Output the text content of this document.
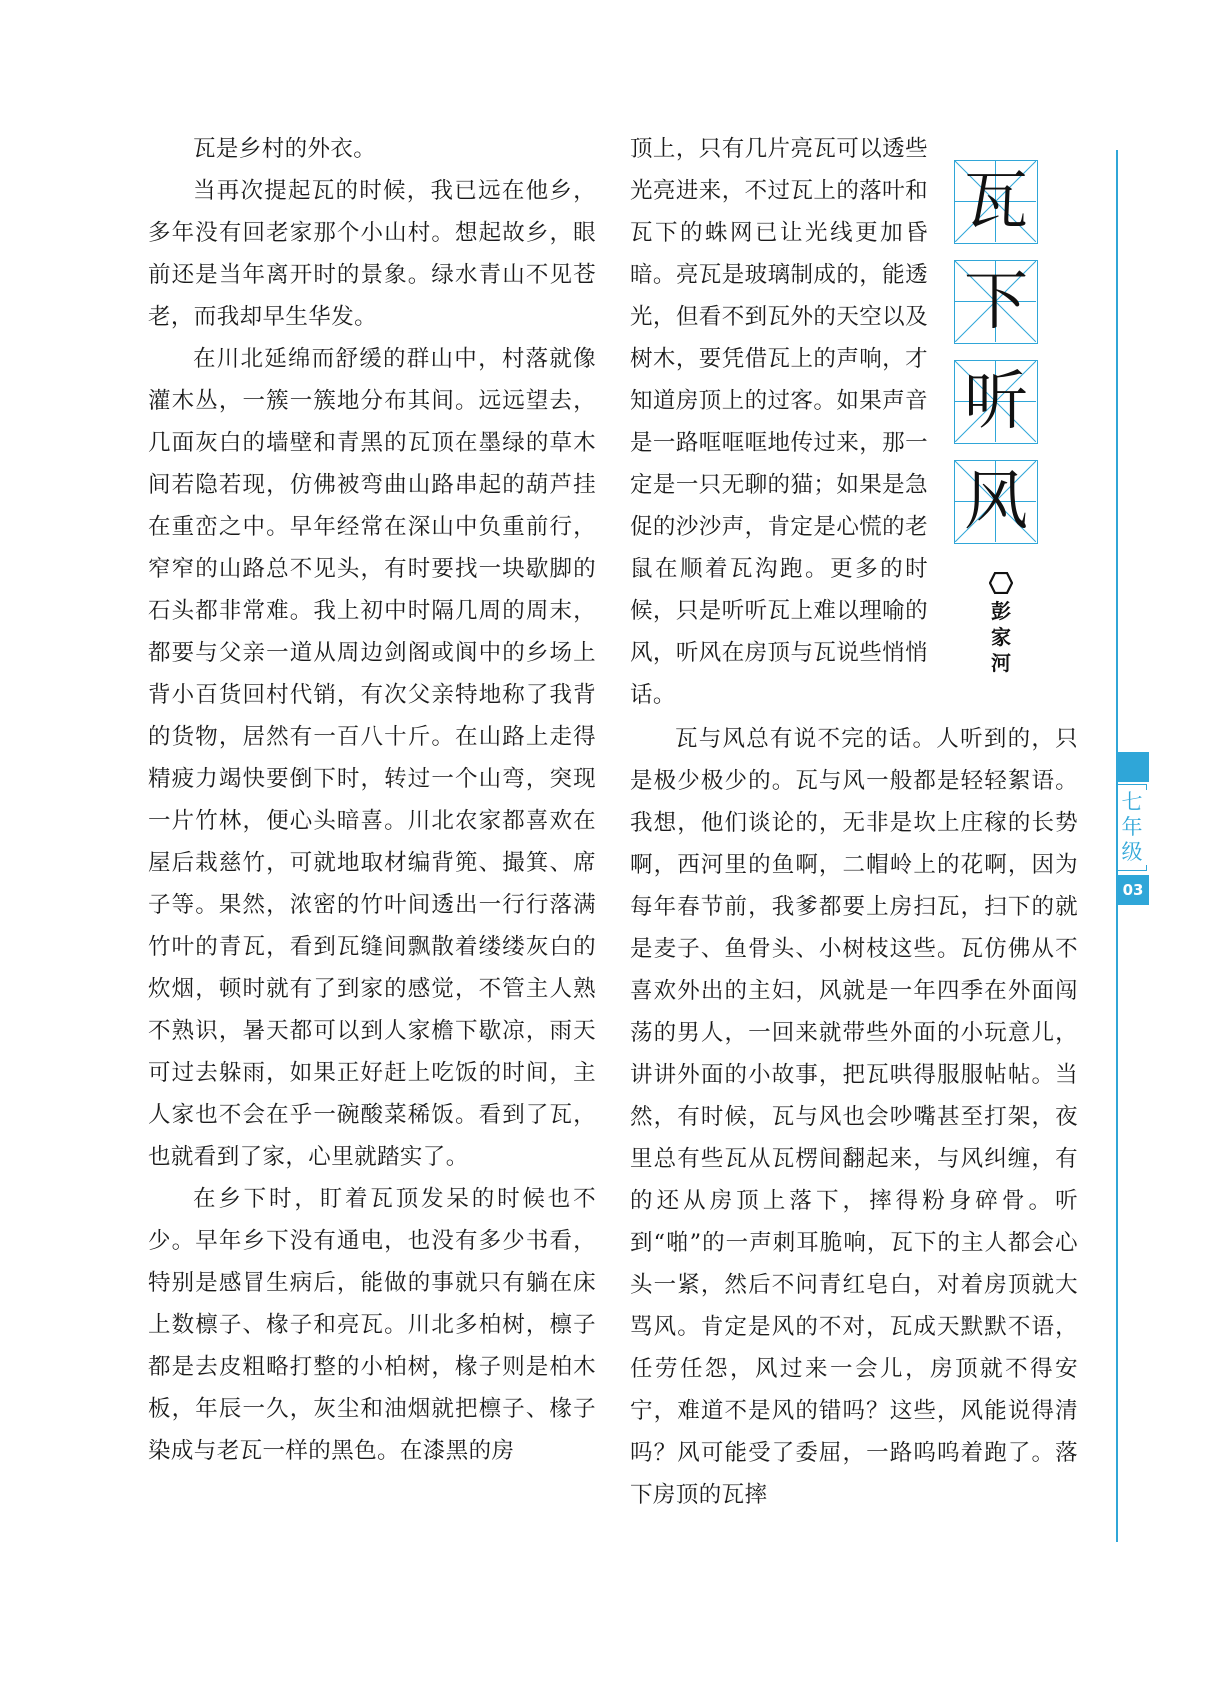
瓦是乡村的外衣。

当再次提起瓦的时候，我已远在他乡，多年没有回老家那个小山村。想起故乡，眼前还是当年离开时的景象。绿水青山不见苍老，而我却早生华发。

在川北延绵而舒缓的群山中，村落就像灌木丛，一簇一簇地分布其间。远远望去，几面灰白的墙壁和青黑的瓦顶在墨绿的草木间若隐若现，仿佛被弯曲山路串起的葫芦挂在重峦之中。早年经常在深山中负重前行，窄窄的山路总不见头，有时要找一块歇脚的石头都非常难。我上初中时隔几周的周末，都要与父亲一道从周边剑阁或阆中的乡场上背小百货回村代销，有次父亲特地称了我背的货物，居然有一百八十斤。在山路上走得精疲力竭快要倒下时，转过一个山弯，突现一片竹林，便心头暗喜。川北农家都喜欢在屋后栽慈竹，可就地取材编背篼、撮箕、席子等。果然，浓密的竹叶间透出一行行落满竹叶的青瓦，看到瓦缝间飘散着缕缕灰白的炊烟，顿时就有了到家的感觉，不管主人熟不熟识，暑天都可以到人家檐下歇凉，雨天可过去躲雨，如果正好赶上吃饭的时间，主人家也不会在乎一碗酸菜稀饭。看到了瓦，也就看到了家，心里就踏实了。

在乡下时，盯着瓦顶发呆的时候也不少。早年乡下没有通电，也没有多少书看，特别是感冒生病后，能做的事就只有躺在床上数檩子、椽子和亮瓦。川北多柏树，檩子都是去皮粗略打整的小柏树，椽子则是柏木板，年辰一久，灰尘和油烟就把檩子、椽子染成与老瓦一样的黑色。在漆黑的房

顶上，只有几片亮瓦可以透些光亮进来，不过瓦上的落叶和瓦下的蛛网已让光线更加昏暗。亮瓦是玻璃制成的，能透光，但看不到瓦外的天空以及树木，要凭借瓦上的声响，才知道房顶上的过客。如果声音是一路哐哐哐地传过来，那一定是一只无聊的猫；如果是急促的沙沙声，肯定是心慌的老鼠在顺着瓦沟跑。更多的时候，只是听听瓦上难以理喻的风，听风在房顶与瓦说些悄悄话。

瓦与风总有说不完的话。人听到的，只是极少极少的。瓦与风一般都是轻轻絮语。我想，他们谈论的，无非是坎上庄稼的长势啊，西河里的鱼啊，二帽岭上的花啊，因为每年春节前，我爹都要上房扫瓦，扫下的就是麦子、鱼骨头、小树枝这些。瓦仿佛从不喜欢外出的主妇，风就是一年四季在外面闯荡的男人，一回来就带些外面的小玩意儿，讲讲外面的小故事，把瓦哄得服服帖帖。当然，有时候，瓦与风也会吵嘴甚至打架，夜里总有些瓦从瓦楞间翻起来，与风纠缠，有的还从房顶上落下，摔得粉身碎骨。听到“啪”的一声刺耳脆响，瓦下的主人都会心头一紧，然后不问青红皂白，对着房顶就大骂风。肯定是风的不对，瓦成天默默不语，任劳任怨，风过来一会儿，房顶就不得安宁，难道不是风的错吗？这些，风能说得清吗？风可能受了委屈，一路呜呜着跑了。落下房顶的瓦摔

瓦
下
听
风
彭
家
河
七
年
级
03
